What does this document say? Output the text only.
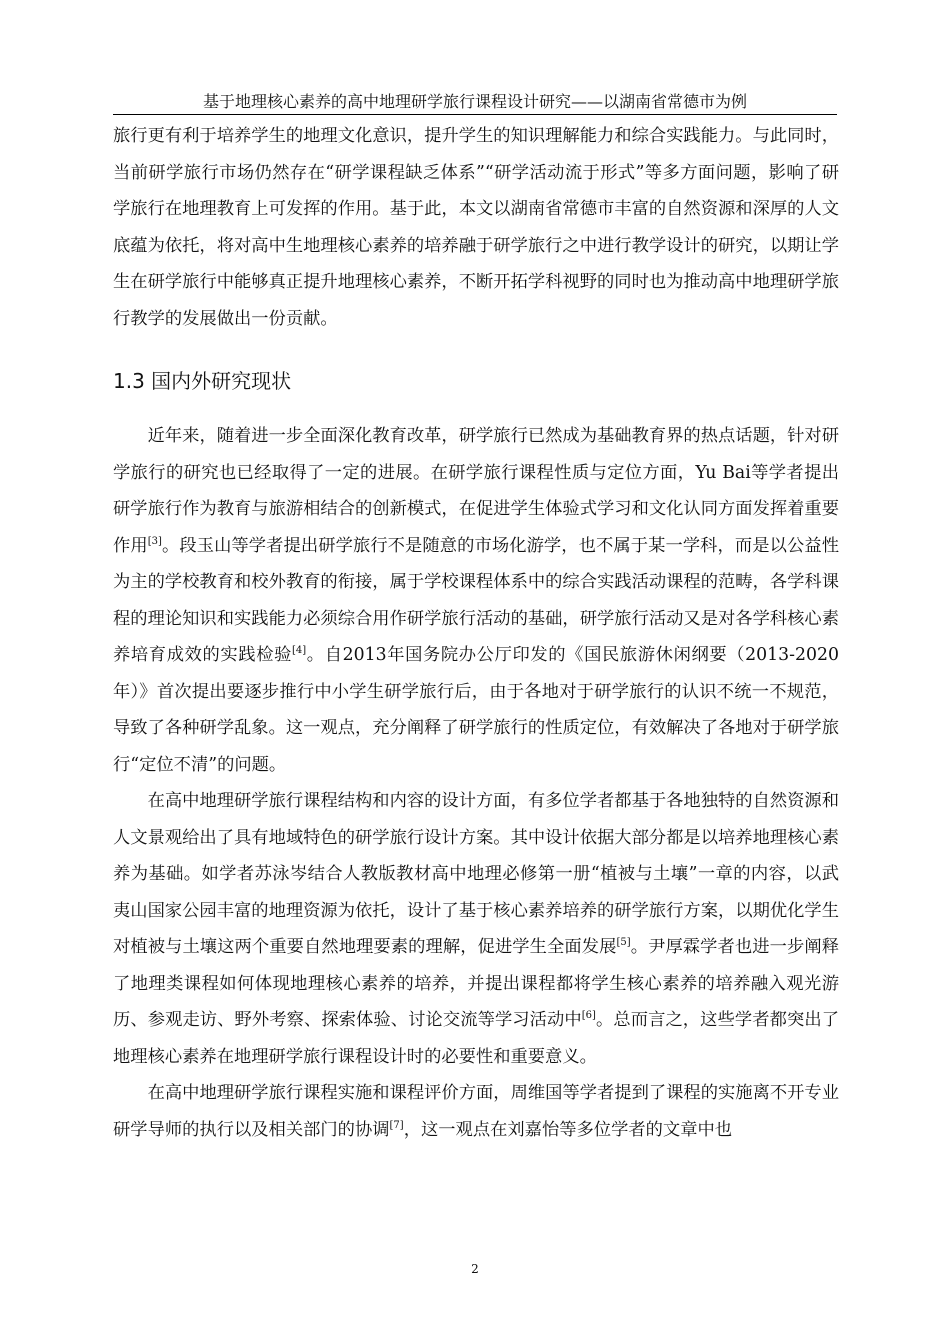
基于地理核心素养的高中地理研学旅行课程设计研究——以湖南省常德市为例

旅行更有利于培养学生的地理文化意识，提升学生的知识理解能力和综合实践能力。与此同时，当前研学旅行市场仍然存在“研学课程缺乏体系”“研学活动流于形式”等多方面问题，影响了研学旅行在地理教育上可发挥的作用。基于此，本文以湖南省常德市丰富的自然资源和深厚的人文底蕴为依托，将对高中生地理核心素养的培养融于研学旅行之中进行教学设计的研究，以期让学生在研学旅行中能够真正提升地理核心素养，不断开拓学科视野的同时也为推动高中地理研学旅行教学的发展做出一份贡献。

1.3 国内外研究现状

近年来，随着进一步全面深化教育改革，研学旅行已然成为基础教育界的热点话题，针对研学旅行的研究也已经取得了一定的进展。在研学旅行课程性质与定位方面，Yu Bai等学者提出研学旅行作为教育与旅游相结合的创新模式，在促进学生体验式学习和文化认同方面发挥着重要作用[3]。段玉山等学者提出研学旅行不是随意的市场化游学，也不属于某一学科，而是以公益性为主的学校教育和校外教育的衔接，属于学校课程体系中的综合实践活动课程的范畴，各学科课程的理论知识和实践能力必须综合用作研学旅行活动的基础，研学旅行活动又是对各学科核心素养培育成效的实践检验[4]。自2013年国务院办公厅印发的《国民旅游休闲纲要（2013-2020年）》首次提出要逐步推行中小学生研学旅行后，由于各地对于研学旅行的认识不统一不规范，导致了各种研学乱象。这一观点，充分阐释了研学旅行的性质定位，有效解决了各地对于研学旅行“定位不清”的问题。

在高中地理研学旅行课程结构和内容的设计方面，有多位学者都基于各地独特的自然资源和人文景观给出了具有地域特色的研学旅行设计方案。其中设计依据大部分都是以培养地理核心素养为基础。如学者苏泳岑结合人教版教材高中地理必修第一册“植被与土壤”一章的内容，以武夷山国家公园丰富的地理资源为依托，设计了基于核心素养培养的研学旅行方案，以期优化学生对植被与土壤这两个重要自然地理要素的理解，促进学生全面发展[5]。尹厚霖学者也进一步阐释了地理类课程如何体现地理核心素养的培养，并提出课程都将学生核心素养的培养融入观光游历、参观走访、野外考察、探索体验、讨论交流等学习活动中[6]。总而言之，这些学者都突出了地理核心素养在地理研学旅行课程设计时的必要性和重要意义。

在高中地理研学旅行课程实施和课程评价方面，周维国等学者提到了课程的实施离不开专业研学导师的执行以及相关部门的协调[7]，这一观点在刘嘉怡等多位学者的文章中也

2
